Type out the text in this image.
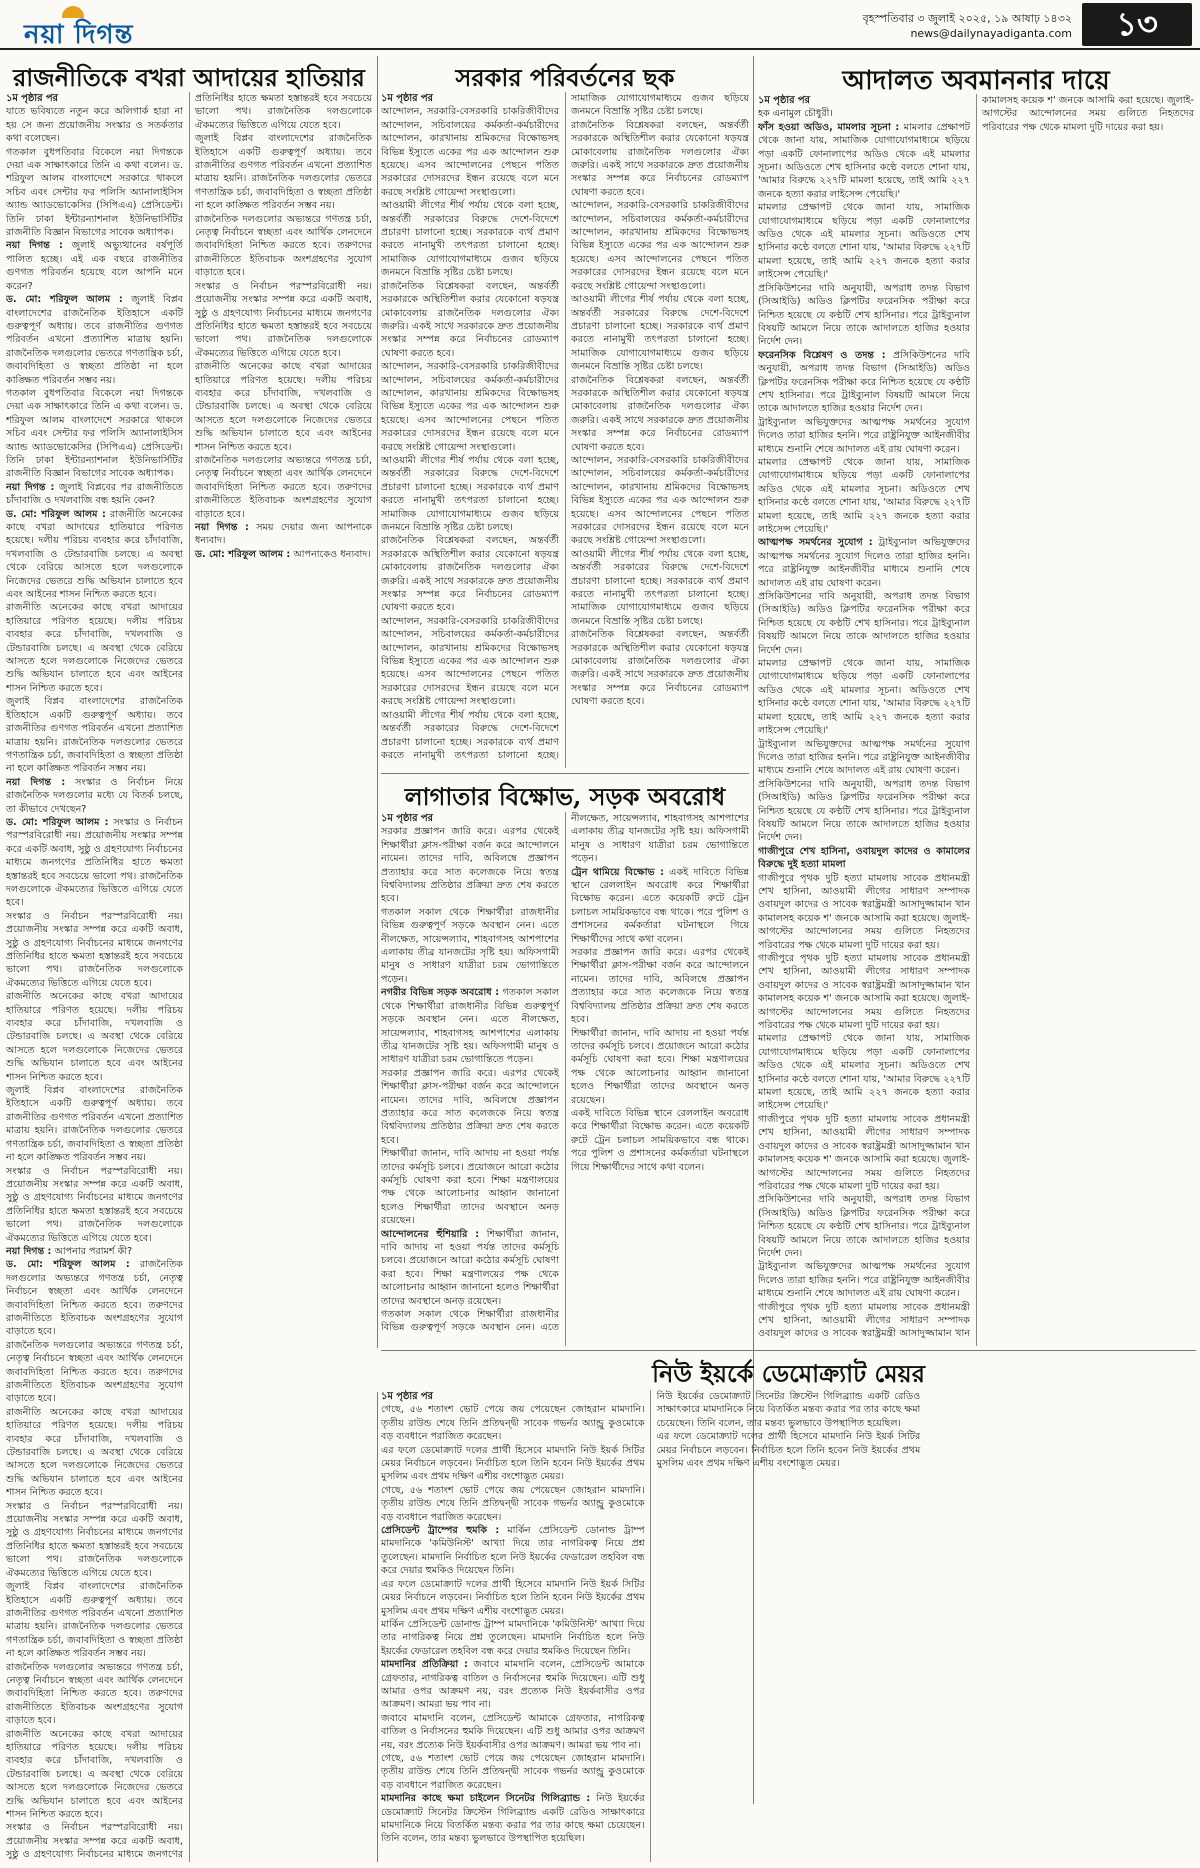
নয়া দিগন্ত
বৃহস্পতিবার ৩ জুলাই ২০২৫, ১৯ আষাঢ় ১৪৩২
news@dailynayadiganta.com	১৩
রাজনীতিকে বখরা আদায়ের হাতিয়ার

১ম পৃষ্ঠার পর

যাতে ভবিষ্যতে নতুন করে অলিগার্ক হারা না হয় সে জন্য প্রয়োজনীয় সংস্কার ও সতর্কতার কথা বলেছেন।

গতকাল বুধপতিবার বিকেলে নয়া দিগন্তকে দেয়া এক সাক্ষাৎকারে তিনি এ কথা বলেন। ড. শরিফুল আলম বাংলাদেশে সরকারে থাকলে সচিব এবং সেন্টার ফর পলিসি অ্যানালাইসিস অ্যান্ড অ্যাডভোকেসির (সিপিএএ) প্রেসিডেন্ট। তিনি ঢাকা ইন্টারন্যাশনাল ইউনিভার্সিটির রাজনীতি বিজ্ঞান বিভাগের সাবেক অধ্যাপক।

নয়া দিগন্ত : জুলাই অভ্যুত্থানের বর্ষপূর্তি পালিত হচ্ছে। এই এক বছরে রাজনীতির গুণগত পরিবর্তন হয়েছে বলে আপনি মনে করেন?

ড. মো: শরিফুল আলম : জুলাই বিপ্লব বাংলাদেশের রাজনৈতিক ইতিহাসে একটি গুরুত্বপূর্ণ অধ্যায়। তবে রাজনীতির গুণগত পরিবর্তন এখনো প্রত্যাশিত মাত্রায় হয়নি। রাজনৈতিক দলগুলোর ভেতরে গণতান্ত্রিক চর্চা, জবাবদিহিতা ও স্বচ্ছতা প্রতিষ্ঠা না হলে কাঙ্ক্ষিত পরিবর্তন সম্ভব নয়।

গতকাল বুধপতিবার বিকেলে নয়া দিগন্তকে দেয়া এক সাক্ষাৎকারে তিনি এ কথা বলেন। ড. শরিফুল আলম বাংলাদেশে সরকারে থাকলে সচিব এবং সেন্টার ফর পলিসি অ্যানালাইসিস অ্যান্ড অ্যাডভোকেসির (সিপিএএ) প্রেসিডেন্ট। তিনি ঢাকা ইন্টারন্যাশনাল ইউনিভার্সিটির রাজনীতি বিজ্ঞান বিভাগের সাবেক অধ্যাপক।

নয়া দিগন্ত : জুলাই বিপ্লবের পর রাজনীতিতে চাঁদাবাজি ও দখলবাজি বন্ধ হয়নি কেন?

ড. মো: শরিফুল আলম : রাজনীতি অনেকের কাছে বখরা আদায়ের হাতিয়ারে পরিণত হয়েছে। দলীয় পরিচয় ব্যবহার করে চাঁদাবাজি, দখলবাজি ও টেন্ডারবাজি চলছে। এ অবস্থা থেকে বেরিয়ে আসতে হলে দলগুলোকে নিজেদের ভেতরে শুদ্ধি অভিযান চালাতে হবে এবং আইনের শাসন নিশ্চিত করতে হবে।

রাজনীতি অনেকের কাছে বখরা আদায়ের হাতিয়ারে পরিণত হয়েছে। দলীয় পরিচয় ব্যবহার করে চাঁদাবাজি, দখলবাজি ও টেন্ডারবাজি চলছে। এ অবস্থা থেকে বেরিয়ে আসতে হলে দলগুলোকে নিজেদের ভেতরে শুদ্ধি অভিযান চালাতে হবে এবং আইনের শাসন নিশ্চিত করতে হবে।

জুলাই বিপ্লব বাংলাদেশের রাজনৈতিক ইতিহাসে একটি গুরুত্বপূর্ণ অধ্যায়। তবে রাজনীতির গুণগত পরিবর্তন এখনো প্রত্যাশিত মাত্রায় হয়নি। রাজনৈতিক দলগুলোর ভেতরে গণতান্ত্রিক চর্চা, জবাবদিহিতা ও স্বচ্ছতা প্রতিষ্ঠা না হলে কাঙ্ক্ষিত পরিবর্তন সম্ভব নয়।

নয়া দিগন্ত : সংস্কার ও নির্বাচন নিয়ে রাজনৈতিক দলগুলোর মধ্যে যে বিতর্ক চলছে, তা কীভাবে দেখছেন?

ড. মো: শরিফুল আলম : সংস্কার ও নির্বাচন পরস্পরবিরোধী নয়। প্রয়োজনীয় সংস্কার সম্পন্ন করে একটি অবাধ, সুষ্ঠু ও গ্রহণযোগ্য নির্বাচনের মাধ্যমে জনগণের প্রতিনিধির হাতে ক্ষমতা হস্তান্তরই হবে সবচেয়ে ভালো পথ। রাজনৈতিক দলগুলোকে ঐকমত্যের ভিত্তিতে এগিয়ে যেতে হবে।

সংস্কার ও নির্বাচন পরস্পরবিরোধী নয়। প্রয়োজনীয় সংস্কার সম্পন্ন করে একটি অবাধ, সুষ্ঠু ও গ্রহণযোগ্য নির্বাচনের মাধ্যমে জনগণের প্রতিনিধির হাতে ক্ষমতা হস্তান্তরই হবে সবচেয়ে ভালো পথ। রাজনৈতিক দলগুলোকে ঐকমত্যের ভিত্তিতে এগিয়ে যেতে হবে।

রাজনীতি অনেকের কাছে বখরা আদায়ের হাতিয়ারে পরিণত হয়েছে। দলীয় পরিচয় ব্যবহার করে চাঁদাবাজি, দখলবাজি ও টেন্ডারবাজি চলছে। এ অবস্থা থেকে বেরিয়ে আসতে হলে দলগুলোকে নিজেদের ভেতরে শুদ্ধি অভিযান চালাতে হবে এবং আইনের শাসন নিশ্চিত করতে হবে।

জুলাই বিপ্লব বাংলাদেশের রাজনৈতিক ইতিহাসে একটি গুরুত্বপূর্ণ অধ্যায়। তবে রাজনীতির গুণগত পরিবর্তন এখনো প্রত্যাশিত মাত্রায় হয়নি। রাজনৈতিক দলগুলোর ভেতরে গণতান্ত্রিক চর্চা, জবাবদিহিতা ও স্বচ্ছতা প্রতিষ্ঠা না হলে কাঙ্ক্ষিত পরিবর্তন সম্ভব নয়।

সংস্কার ও নির্বাচন পরস্পরবিরোধী নয়। প্রয়োজনীয় সংস্কার সম্পন্ন করে একটি অবাধ, সুষ্ঠু ও গ্রহণযোগ্য নির্বাচনের মাধ্যমে জনগণের প্রতিনিধির হাতে ক্ষমতা হস্তান্তরই হবে সবচেয়ে ভালো পথ। রাজনৈতিক দলগুলোকে ঐকমত্যের ভিত্তিতে এগিয়ে যেতে হবে।

নয়া দিগন্ত : আপনার পরামর্শ কী?

ড. মো: শরিফুল আলম : রাজনৈতিক দলগুলোর অভ্যন্তরে গণতন্ত্র চর্চা, নেতৃত্ব নির্বাচনে স্বচ্ছতা এবং আর্থিক লেনদেনে জবাবদিহিতা নিশ্চিত করতে হবে। তরুণদের রাজনীতিতে ইতিবাচক অংশগ্রহণের সুযোগ বাড়াতে হবে।

রাজনৈতিক দলগুলোর অভ্যন্তরে গণতন্ত্র চর্চা, নেতৃত্ব নির্বাচনে স্বচ্ছতা এবং আর্থিক লেনদেনে জবাবদিহিতা নিশ্চিত করতে হবে। তরুণদের রাজনীতিতে ইতিবাচক অংশগ্রহণের সুযোগ বাড়াতে হবে।

রাজনীতি অনেকের কাছে বখরা আদায়ের হাতিয়ারে পরিণত হয়েছে। দলীয় পরিচয় ব্যবহার করে চাঁদাবাজি, দখলবাজি ও টেন্ডারবাজি চলছে। এ অবস্থা থেকে বেরিয়ে আসতে হলে দলগুলোকে নিজেদের ভেতরে শুদ্ধি অভিযান চালাতে হবে এবং আইনের শাসন নিশ্চিত করতে হবে।

সংস্কার ও নির্বাচন পরস্পরবিরোধী নয়। প্রয়োজনীয় সংস্কার সম্পন্ন করে একটি অবাধ, সুষ্ঠু ও গ্রহণযোগ্য নির্বাচনের মাধ্যমে জনগণের প্রতিনিধির হাতে ক্ষমতা হস্তান্তরই হবে সবচেয়ে ভালো পথ। রাজনৈতিক দলগুলোকে ঐকমত্যের ভিত্তিতে এগিয়ে যেতে হবে।

জুলাই বিপ্লব বাংলাদেশের রাজনৈতিক ইতিহাসে একটি গুরুত্বপূর্ণ অধ্যায়। তবে রাজনীতির গুণগত পরিবর্তন এখনো প্রত্যাশিত মাত্রায় হয়নি। রাজনৈতিক দলগুলোর ভেতরে গণতান্ত্রিক চর্চা, জবাবদিহিতা ও স্বচ্ছতা প্রতিষ্ঠা না হলে কাঙ্ক্ষিত পরিবর্তন সম্ভব নয়।

রাজনৈতিক দলগুলোর অভ্যন্তরে গণতন্ত্র চর্চা, নেতৃত্ব নির্বাচনে স্বচ্ছতা এবং আর্থিক লেনদেনে জবাবদিহিতা নিশ্চিত করতে হবে। তরুণদের রাজনীতিতে ইতিবাচক অংশগ্রহণের সুযোগ বাড়াতে হবে।

রাজনীতি অনেকের কাছে বখরা আদায়ের হাতিয়ারে পরিণত হয়েছে। দলীয় পরিচয় ব্যবহার করে চাঁদাবাজি, দখলবাজি ও টেন্ডারবাজি চলছে। এ অবস্থা থেকে বেরিয়ে আসতে হলে দলগুলোকে নিজেদের ভেতরে শুদ্ধি অভিযান চালাতে হবে এবং আইনের শাসন নিশ্চিত করতে হবে।

সংস্কার ও নির্বাচন পরস্পরবিরোধী নয়। প্রয়োজনীয় সংস্কার সম্পন্ন করে একটি অবাধ, সুষ্ঠু ও গ্রহণযোগ্য নির্বাচনের মাধ্যমে জনগণের প্রতিনিধির হাতে ক্ষমতা হস্তান্তরই হবে সবচেয়ে ভালো পথ। রাজনৈতিক দলগুলোকে ঐকমত্যের ভিত্তিতে এগিয়ে যেতে হবে।

জুলাই বিপ্লব বাংলাদেশের রাজনৈতিক ইতিহাসে একটি গুরুত্বপূর্ণ অধ্যায়। তবে রাজনীতির গুণগত পরিবর্তন এখনো প্রত্যাশিত মাত্রায় হয়নি। রাজনৈতিক দলগুলোর ভেতরে গণতান্ত্রিক চর্চা, জবাবদিহিতা ও স্বচ্ছতা প্রতিষ্ঠা না হলে কাঙ্ক্ষিত পরিবর্তন সম্ভব নয়।

রাজনৈতিক দলগুলোর অভ্যন্তরে গণতন্ত্র চর্চা, নেতৃত্ব নির্বাচনে স্বচ্ছতা এবং আর্থিক লেনদেনে জবাবদিহিতা নিশ্চিত করতে হবে। তরুণদের রাজনীতিতে ইতিবাচক অংশগ্রহণের সুযোগ বাড়াতে হবে।

সংস্কার ও নির্বাচন পরস্পরবিরোধী নয়। প্রয়োজনীয় সংস্কার সম্পন্ন করে একটি অবাধ, সুষ্ঠু ও গ্রহণযোগ্য নির্বাচনের মাধ্যমে জনগণের প্রতিনিধির হাতে ক্ষমতা হস্তান্তরই হবে সবচেয়ে ভালো পথ। রাজনৈতিক দলগুলোকে ঐকমত্যের ভিত্তিতে এগিয়ে যেতে হবে।

রাজনীতি অনেকের কাছে বখরা আদায়ের হাতিয়ারে পরিণত হয়েছে। দলীয় পরিচয় ব্যবহার করে চাঁদাবাজি, দখলবাজি ও টেন্ডারবাজি চলছে। এ অবস্থা থেকে বেরিয়ে আসতে হলে দলগুলোকে নিজেদের ভেতরে শুদ্ধি অভিযান চালাতে হবে এবং আইনের শাসন নিশ্চিত করতে হবে।

রাজনৈতিক দলগুলোর অভ্যন্তরে গণতন্ত্র চর্চা, নেতৃত্ব নির্বাচনে স্বচ্ছতা এবং আর্থিক লেনদেনে জবাবদিহিতা নিশ্চিত করতে হবে। তরুণদের রাজনীতিতে ইতিবাচক অংশগ্রহণের সুযোগ বাড়াতে হবে।

নয়া দিগন্ত : সময় দেয়ার জন্য আপনাকে ধন্যবাদ।

ড. মো: শরিফুল আলম : আপনাকেও ধন্যবাদ।

সরকার পরিবর্তনের ছক

১ম পৃষ্ঠার পর

আন্দোলন, সরকারি-বেসরকারি চাকরিজীবীদের আন্দোলন, সচিবালয়ের কর্মকর্তা-কর্মচারীদের আন্দোলন, কারখানায় শ্রমিকদের বিক্ষোভসহ বিভিন্ন ইস্যুতে একের পর এক আন্দোলন শুরু হয়েছে। এসব আন্দোলনের পেছনে পতিত সরকারের দোসরদের ইন্ধন রয়েছে বলে মনে করছে সংশ্লিষ্ট গোয়েন্দা সংস্থাগুলো।

আওয়ামী লীগের শীর্ষ পর্যায় থেকে বলা হচ্ছে, অন্তর্বর্তী সরকারের বিরুদ্ধে দেশে-বিদেশে প্রচারণা চালানো হচ্ছে। সরকারকে ব্যর্থ প্রমাণ করতে নানামুখী তৎপরতা চালানো হচ্ছে। সামাজিক যোগাযোগমাধ্যমে গুজব ছড়িয়ে জনমনে বিভ্রান্তি সৃষ্টির চেষ্টা চলছে।

রাজনৈতিক বিশ্লেষকরা বলছেন, অন্তর্বর্তী সরকারকে অস্থিতিশীল করার যেকোনো ষড়যন্ত্র মোকাবেলায় রাজনৈতিক দলগুলোর ঐক্য জরুরি। একই সাথে সরকারকে দ্রুত প্রয়োজনীয় সংস্কার সম্পন্ন করে নির্বাচনের রোডম্যাপ ঘোষণা করতে হবে।

আন্দোলন, সরকারি-বেসরকারি চাকরিজীবীদের আন্দোলন, সচিবালয়ের কর্মকর্তা-কর্মচারীদের আন্দোলন, কারখানায় শ্রমিকদের বিক্ষোভসহ বিভিন্ন ইস্যুতে একের পর এক আন্দোলন শুরু হয়েছে। এসব আন্দোলনের পেছনে পতিত সরকারের দোসরদের ইন্ধন রয়েছে বলে মনে করছে সংশ্লিষ্ট গোয়েন্দা সংস্থাগুলো।

আওয়ামী লীগের শীর্ষ পর্যায় থেকে বলা হচ্ছে, অন্তর্বর্তী সরকারের বিরুদ্ধে দেশে-বিদেশে প্রচারণা চালানো হচ্ছে। সরকারকে ব্যর্থ প্রমাণ করতে নানামুখী তৎপরতা চালানো হচ্ছে। সামাজিক যোগাযোগমাধ্যমে গুজব ছড়িয়ে জনমনে বিভ্রান্তি সৃষ্টির চেষ্টা চলছে।

রাজনৈতিক বিশ্লেষকরা বলছেন, অন্তর্বর্তী সরকারকে অস্থিতিশীল করার যেকোনো ষড়যন্ত্র মোকাবেলায় রাজনৈতিক দলগুলোর ঐক্য জরুরি। একই সাথে সরকারকে দ্রুত প্রয়োজনীয় সংস্কার সম্পন্ন করে নির্বাচনের রোডম্যাপ ঘোষণা করতে হবে।

আন্দোলন, সরকারি-বেসরকারি চাকরিজীবীদের আন্দোলন, সচিবালয়ের কর্মকর্তা-কর্মচারীদের আন্দোলন, কারখানায় শ্রমিকদের বিক্ষোভসহ বিভিন্ন ইস্যুতে একের পর এক আন্দোলন শুরু হয়েছে। এসব আন্দোলনের পেছনে পতিত সরকারের দোসরদের ইন্ধন রয়েছে বলে মনে করছে সংশ্লিষ্ট গোয়েন্দা সংস্থাগুলো।

আওয়ামী লীগের শীর্ষ পর্যায় থেকে বলা হচ্ছে, অন্তর্বর্তী সরকারের বিরুদ্ধে দেশে-বিদেশে প্রচারণা চালানো হচ্ছে। সরকারকে ব্যর্থ প্রমাণ করতে নানামুখী তৎপরতা চালানো হচ্ছে। সামাজিক যোগাযোগমাধ্যমে গুজব ছড়িয়ে জনমনে বিভ্রান্তি সৃষ্টির চেষ্টা চলছে।

রাজনৈতিক বিশ্লেষকরা বলছেন, অন্তর্বর্তী সরকারকে অস্থিতিশীল করার যেকোনো ষড়যন্ত্র মোকাবেলায় রাজনৈতিক দলগুলোর ঐক্য জরুরি। একই সাথে সরকারকে দ্রুত প্রয়োজনীয় সংস্কার সম্পন্ন করে নির্বাচনের রোডম্যাপ ঘোষণা করতে হবে।

আন্দোলন, সরকারি-বেসরকারি চাকরিজীবীদের আন্দোলন, সচিবালয়ের কর্মকর্তা-কর্মচারীদের আন্দোলন, কারখানায় শ্রমিকদের বিক্ষোভসহ বিভিন্ন ইস্যুতে একের পর এক আন্দোলন শুরু হয়েছে। এসব আন্দোলনের পেছনে পতিত সরকারের দোসরদের ইন্ধন রয়েছে বলে মনে করছে সংশ্লিষ্ট গোয়েন্দা সংস্থাগুলো।

আওয়ামী লীগের শীর্ষ পর্যায় থেকে বলা হচ্ছে, অন্তর্বর্তী সরকারের বিরুদ্ধে দেশে-বিদেশে প্রচারণা চালানো হচ্ছে। সরকারকে ব্যর্থ প্রমাণ করতে নানামুখী তৎপরতা চালানো হচ্ছে। সামাজিক যোগাযোগমাধ্যমে গুজব ছড়িয়ে জনমনে বিভ্রান্তি সৃষ্টির চেষ্টা চলছে।

রাজনৈতিক বিশ্লেষকরা বলছেন, অন্তর্বর্তী সরকারকে অস্থিতিশীল করার যেকোনো ষড়যন্ত্র মোকাবেলায় রাজনৈতিক দলগুলোর ঐক্য জরুরি। একই সাথে সরকারকে দ্রুত প্রয়োজনীয় সংস্কার সম্পন্ন করে নির্বাচনের রোডম্যাপ ঘোষণা করতে হবে।

আন্দোলন, সরকারি-বেসরকারি চাকরিজীবীদের আন্দোলন, সচিবালয়ের কর্মকর্তা-কর্মচারীদের আন্দোলন, কারখানায় শ্রমিকদের বিক্ষোভসহ বিভিন্ন ইস্যুতে একের পর এক আন্দোলন শুরু হয়েছে। এসব আন্দোলনের পেছনে পতিত সরকারের দোসরদের ইন্ধন রয়েছে বলে মনে করছে সংশ্লিষ্ট গোয়েন্দা সংস্থাগুলো।

আওয়ামী লীগের শীর্ষ পর্যায় থেকে বলা হচ্ছে, অন্তর্বর্তী সরকারের বিরুদ্ধে দেশে-বিদেশে প্রচারণা চালানো হচ্ছে। সরকারকে ব্যর্থ প্রমাণ করতে নানামুখী তৎপরতা চালানো হচ্ছে। সামাজিক যোগাযোগমাধ্যমে গুজব ছড়িয়ে জনমনে বিভ্রান্তি সৃষ্টির চেষ্টা চলছে।

রাজনৈতিক বিশ্লেষকরা বলছেন, অন্তর্বর্তী সরকারকে অস্থিতিশীল করার যেকোনো ষড়যন্ত্র মোকাবেলায় রাজনৈতিক দলগুলোর ঐক্য জরুরি। একই সাথে সরকারকে দ্রুত প্রয়োজনীয় সংস্কার সম্পন্ন করে নির্বাচনের রোডম্যাপ ঘোষণা করতে হবে।

লাগাতার বিক্ষোভ, সড়ক অবরোধ

১ম পৃষ্ঠার পর

সরকার প্রজ্ঞাপন জারি করে। এরপর থেকেই শিক্ষার্থীরা ক্লাস-পরীক্ষা বর্জন করে আন্দোলনে নামেন। তাদের দাবি, অবিলম্বে প্রজ্ঞাপন প্রত্যাহার করে সাত কলেজকে নিয়ে স্বতন্ত্র বিশ্ববিদ্যালয় প্রতিষ্ঠার প্রক্রিয়া দ্রুত শেষ করতে হবে।

গতকাল সকাল থেকে শিক্ষার্থীরা রাজধানীর বিভিন্ন গুরুত্বপূর্ণ সড়কে অবস্থান নেন। এতে নীলক্ষেত, সায়েন্সল্যাব, শাহবাগসহ আশপাশের এলাকায় তীব্র যানজটের সৃষ্টি হয়। অফিসগামী মানুষ ও সাধারণ যাত্রীরা চরম ভোগান্তিতে পড়েন।

নগরীর বিভিন্ন সড়ক অবরোধ : গতকাল সকাল থেকে শিক্ষার্থীরা রাজধানীর বিভিন্ন গুরুত্বপূর্ণ সড়কে অবস্থান নেন। এতে নীলক্ষেত, সায়েন্সল্যাব, শাহবাগসহ আশপাশের এলাকায় তীব্র যানজটের সৃষ্টি হয়। অফিসগামী মানুষ ও সাধারণ যাত্রীরা চরম ভোগান্তিতে পড়েন।

সরকার প্রজ্ঞাপন জারি করে। এরপর থেকেই শিক্ষার্থীরা ক্লাস-পরীক্ষা বর্জন করে আন্দোলনে নামেন। তাদের দাবি, অবিলম্বে প্রজ্ঞাপন প্রত্যাহার করে সাত কলেজকে নিয়ে স্বতন্ত্র বিশ্ববিদ্যালয় প্রতিষ্ঠার প্রক্রিয়া দ্রুত শেষ করতে হবে।

শিক্ষার্থীরা জানান, দাবি আদায় না হওয়া পর্যন্ত তাদের কর্মসূচি চলবে। প্রয়োজনে আরো কঠোর কর্মসূচি ঘোষণা করা হবে। শিক্ষা মন্ত্রণালয়ের পক্ষ থেকে আলোচনার আহ্বান জানানো হলেও শিক্ষার্থীরা তাদের অবস্থানে অনড় রয়েছেন।

আন্দোলনের হুঁশিয়ারি : শিক্ষার্থীরা জানান, দাবি আদায় না হওয়া পর্যন্ত তাদের কর্মসূচি চলবে। প্রয়োজনে আরো কঠোর কর্মসূচি ঘোষণা করা হবে। শিক্ষা মন্ত্রণালয়ের পক্ষ থেকে আলোচনার আহ্বান জানানো হলেও শিক্ষার্থীরা তাদের অবস্থানে অনড় রয়েছেন।

গতকাল সকাল থেকে শিক্ষার্থীরা রাজধানীর বিভিন্ন গুরুত্বপূর্ণ সড়কে অবস্থান নেন। এতে নীলক্ষেত, সায়েন্সল্যাব, শাহবাগসহ আশপাশের এলাকায় তীব্র যানজটের সৃষ্টি হয়। অফিসগামী মানুষ ও সাধারণ যাত্রীরা চরম ভোগান্তিতে পড়েন।

ট্রেন থামিয়ে বিক্ষোভ : একই দাবিতে বিভিন্ন স্থানে রেললাইন অবরোধ করে শিক্ষার্থীরা বিক্ষোভ করেন। এতে কয়েকটি রুটে ট্রেন চলাচল সাময়িকভাবে বন্ধ থাকে। পরে পুলিশ ও প্রশাসনের কর্মকর্তারা ঘটনাস্থলে গিয়ে শিক্ষার্থীদের সাথে কথা বলেন।

সরকার প্রজ্ঞাপন জারি করে। এরপর থেকেই শিক্ষার্থীরা ক্লাস-পরীক্ষা বর্জন করে আন্দোলনে নামেন। তাদের দাবি, অবিলম্বে প্রজ্ঞাপন প্রত্যাহার করে সাত কলেজকে নিয়ে স্বতন্ত্র বিশ্ববিদ্যালয় প্রতিষ্ঠার প্রক্রিয়া দ্রুত শেষ করতে হবে।

শিক্ষার্থীরা জানান, দাবি আদায় না হওয়া পর্যন্ত তাদের কর্মসূচি চলবে। প্রয়োজনে আরো কঠোর কর্মসূচি ঘোষণা করা হবে। শিক্ষা মন্ত্রণালয়ের পক্ষ থেকে আলোচনার আহ্বান জানানো হলেও শিক্ষার্থীরা তাদের অবস্থানে অনড় রয়েছেন।

একই দাবিতে বিভিন্ন স্থানে রেললাইন অবরোধ করে শিক্ষার্থীরা বিক্ষোভ করেন। এতে কয়েকটি রুটে ট্রেন চলাচল সাময়িকভাবে বন্ধ থাকে। পরে পুলিশ ও প্রশাসনের কর্মকর্তারা ঘটনাস্থলে গিয়ে শিক্ষার্থীদের সাথে কথা বলেন।

আদালত অবমাননার দায়ে

১ম পৃষ্ঠার পর

হক এনামুল চৌধুরী।

ফাঁস হওয়া অডিও, মামলার সূচনা : মামলার প্রেক্ষাপট থেকে জানা যায়, সামাজিক যোগাযোগমাধ্যমে ছড়িয়ে পড়া একটি ফোনালাপের অডিও থেকে এই মামলার সূচনা। অডিওতে শেখ হাসিনার কণ্ঠে বলতে শোনা যায়, 'আমার বিরুদ্ধে ২২৭টি মামলা হয়েছে, তাই আমি ২২৭ জনকে হত্যা করার লাইসেন্স পেয়েছি।'

মামলার প্রেক্ষাপট থেকে জানা যায়, সামাজিক যোগাযোগমাধ্যমে ছড়িয়ে পড়া একটি ফোনালাপের অডিও থেকে এই মামলার সূচনা। অডিওতে শেখ হাসিনার কণ্ঠে বলতে শোনা যায়, 'আমার বিরুদ্ধে ২২৭টি মামলা হয়েছে, তাই আমি ২২৭ জনকে হত্যা করার লাইসেন্স পেয়েছি।'

প্রসিকিউশনের দাবি অনুযায়ী, অপরাধ তদন্ত বিভাগ (সিআইডি) অডিও ক্লিপটির ফরেনসিক পরীক্ষা করে নিশ্চিত হয়েছে যে কণ্ঠটি শেখ হাসিনার। পরে ট্রাইব্যুনাল বিষয়টি আমলে নিয়ে তাকে আদালতে হাজির হওয়ার নির্দেশ দেন।

ফরেনসিক বিশ্লেষণ ও তদন্ত : প্রসিকিউশনের দাবি অনুযায়ী, অপরাধ তদন্ত বিভাগ (সিআইডি) অডিও ক্লিপটির ফরেনসিক পরীক্ষা করে নিশ্চিত হয়েছে যে কণ্ঠটি শেখ হাসিনার। পরে ট্রাইব্যুনাল বিষয়টি আমলে নিয়ে তাকে আদালতে হাজির হওয়ার নির্দেশ দেন।

ট্রাইব্যুনাল অভিযুক্তদের আত্মপক্ষ সমর্থনের সুযোগ দিলেও তারা হাজির হননি। পরে রাষ্ট্রনিযুক্ত আইনজীবীর মাধ্যমে শুনানি শেষে আদালত এই রায় ঘোষণা করেন।

মামলার প্রেক্ষাপট থেকে জানা যায়, সামাজিক যোগাযোগমাধ্যমে ছড়িয়ে পড়া একটি ফোনালাপের অডিও থেকে এই মামলার সূচনা। অডিওতে শেখ হাসিনার কণ্ঠে বলতে শোনা যায়, 'আমার বিরুদ্ধে ২২৭টি মামলা হয়েছে, তাই আমি ২২৭ জনকে হত্যা করার লাইসেন্স পেয়েছি।'

আত্মপক্ষ সমর্থনের সুযোগ : ট্রাইব্যুনাল অভিযুক্তদের আত্মপক্ষ সমর্থনের সুযোগ দিলেও তারা হাজির হননি। পরে রাষ্ট্রনিযুক্ত আইনজীবীর মাধ্যমে শুনানি শেষে আদালত এই রায় ঘোষণা করেন।

প্রসিকিউশনের দাবি অনুযায়ী, অপরাধ তদন্ত বিভাগ (সিআইডি) অডিও ক্লিপটির ফরেনসিক পরীক্ষা করে নিশ্চিত হয়েছে যে কণ্ঠটি শেখ হাসিনার। পরে ট্রাইব্যুনাল বিষয়টি আমলে নিয়ে তাকে আদালতে হাজির হওয়ার নির্দেশ দেন।

মামলার প্রেক্ষাপট থেকে জানা যায়, সামাজিক যোগাযোগমাধ্যমে ছড়িয়ে পড়া একটি ফোনালাপের অডিও থেকে এই মামলার সূচনা। অডিওতে শেখ হাসিনার কণ্ঠে বলতে শোনা যায়, 'আমার বিরুদ্ধে ২২৭টি মামলা হয়েছে, তাই আমি ২২৭ জনকে হত্যা করার লাইসেন্স পেয়েছি।'

ট্রাইব্যুনাল অভিযুক্তদের আত্মপক্ষ সমর্থনের সুযোগ দিলেও তারা হাজির হননি। পরে রাষ্ট্রনিযুক্ত আইনজীবীর মাধ্যমে শুনানি শেষে আদালত এই রায় ঘোষণা করেন।

প্রসিকিউশনের দাবি অনুযায়ী, অপরাধ তদন্ত বিভাগ (সিআইডি) অডিও ক্লিপটির ফরেনসিক পরীক্ষা করে নিশ্চিত হয়েছে যে কণ্ঠটি শেখ হাসিনার। পরে ট্রাইব্যুনাল বিষয়টি আমলে নিয়ে তাকে আদালতে হাজির হওয়ার নির্দেশ দেন।

গাজীপুরে শেখ হাসিনা, ওবায়দুল কাদের ও কামালের বিরুদ্ধে দুই হত্যা মামলা

গাজীপুরে পৃথক দুটি হত্যা মামলায় সাবেক প্রধানমন্ত্রী শেখ হাসিনা, আওয়ামী লীগের সাধারণ সম্পাদক ওবায়দুল কাদের ও সাবেক স্বরাষ্ট্রমন্ত্রী আসাদুজ্জামান খান কামালসহ কয়েক শ' জনকে আসামি করা হয়েছে। জুলাই-আগস্টের আন্দোলনের সময় গুলিতে নিহতদের পরিবারের পক্ষ থেকে মামলা দুটি দায়ের করা হয়।

গাজীপুরে পৃথক দুটি হত্যা মামলায় সাবেক প্রধানমন্ত্রী শেখ হাসিনা, আওয়ামী লীগের সাধারণ সম্পাদক ওবায়দুল কাদের ও সাবেক স্বরাষ্ট্রমন্ত্রী আসাদুজ্জামান খান কামালসহ কয়েক শ' জনকে আসামি করা হয়েছে। জুলাই-আগস্টের আন্দোলনের সময় গুলিতে নিহতদের পরিবারের পক্ষ থেকে মামলা দুটি দায়ের করা হয়।

মামলার প্রেক্ষাপট থেকে জানা যায়, সামাজিক যোগাযোগমাধ্যমে ছড়িয়ে পড়া একটি ফোনালাপের অডিও থেকে এই মামলার সূচনা। অডিওতে শেখ হাসিনার কণ্ঠে বলতে শোনা যায়, 'আমার বিরুদ্ধে ২২৭টি মামলা হয়েছে, তাই আমি ২২৭ জনকে হত্যা করার লাইসেন্স পেয়েছি।'

গাজীপুরে পৃথক দুটি হত্যা মামলায় সাবেক প্রধানমন্ত্রী শেখ হাসিনা, আওয়ামী লীগের সাধারণ সম্পাদক ওবায়দুল কাদের ও সাবেক স্বরাষ্ট্রমন্ত্রী আসাদুজ্জামান খান কামালসহ কয়েক শ' জনকে আসামি করা হয়েছে। জুলাই-আগস্টের আন্দোলনের সময় গুলিতে নিহতদের পরিবারের পক্ষ থেকে মামলা দুটি দায়ের করা হয়।

প্রসিকিউশনের দাবি অনুযায়ী, অপরাধ তদন্ত বিভাগ (সিআইডি) অডিও ক্লিপটির ফরেনসিক পরীক্ষা করে নিশ্চিত হয়েছে যে কণ্ঠটি শেখ হাসিনার। পরে ট্রাইব্যুনাল বিষয়টি আমলে নিয়ে তাকে আদালতে হাজির হওয়ার নির্দেশ দেন।

ট্রাইব্যুনাল অভিযুক্তদের আত্মপক্ষ সমর্থনের সুযোগ দিলেও তারা হাজির হননি। পরে রাষ্ট্রনিযুক্ত আইনজীবীর মাধ্যমে শুনানি শেষে আদালত এই রায় ঘোষণা করেন।

গাজীপুরে পৃথক দুটি হত্যা মামলায় সাবেক প্রধানমন্ত্রী শেখ হাসিনা, আওয়ামী লীগের সাধারণ সম্পাদক ওবায়দুল কাদের ও সাবেক স্বরাষ্ট্রমন্ত্রী আসাদুজ্জামান খান কামালসহ কয়েক শ' জনকে আসামি করা হয়েছে। জুলাই-আগস্টের আন্দোলনের সময় গুলিতে নিহতদের পরিবারের পক্ষ থেকে মামলা দুটি দায়ের করা হয়।

নিউ ইয়র্কে ডেমোক্র্যাট মেয়র

১ম পৃষ্ঠার পর

গেছে, ৫৬ শতাংশ ভোট পেয়ে জয় পেয়েছেন জোহরান মামদানি। তৃতীয় রাউন্ড শেষে তিনি প্রতিদ্বন্দ্বী সাবেক গভর্নর অ্যান্ড্রু কুওমোকে বড় ব্যবধানে পরাজিত করেছেন।

এর ফলে ডেমোক্র্যাট দলের প্রার্থী হিসেবে মামদানি নিউ ইয়র্ক সিটির মেয়র নির্বাচনে লড়বেন। নির্বাচিত হলে তিনি হবেন নিউ ইয়র্কের প্রথম মুসলিম এবং প্রথম দক্ষিণ এশীয় বংশোদ্ভূত মেয়র।

গেছে, ৫৬ শতাংশ ভোট পেয়ে জয় পেয়েছেন জোহরান মামদানি। তৃতীয় রাউন্ড শেষে তিনি প্রতিদ্বন্দ্বী সাবেক গভর্নর অ্যান্ড্রু কুওমোকে বড় ব্যবধানে পরাজিত করেছেন।

প্রেসিডেন্ট ট্রাম্পের হুমকি : মার্কিন প্রেসিডেন্ট ডোনাল্ড ট্রাম্প মামদানিকে 'কমিউনিস্ট' আখ্যা দিয়ে তার নাগরিকত্ব নিয়ে প্রশ্ন তুলেছেন। মামদানি নির্বাচিত হলে নিউ ইয়র্কের ফেডারেল তহবিল বন্ধ করে দেয়ার হুমকিও দিয়েছেন তিনি।

এর ফলে ডেমোক্র্যাট দলের প্রার্থী হিসেবে মামদানি নিউ ইয়র্ক সিটির মেয়র নির্বাচনে লড়বেন। নির্বাচিত হলে তিনি হবেন নিউ ইয়র্কের প্রথম মুসলিম এবং প্রথম দক্ষিণ এশীয় বংশোদ্ভূত মেয়র।

মার্কিন প্রেসিডেন্ট ডোনাল্ড ট্রাম্প মামদানিকে 'কমিউনিস্ট' আখ্যা দিয়ে তার নাগরিকত্ব নিয়ে প্রশ্ন তুলেছেন। মামদানি নির্বাচিত হলে নিউ ইয়র্কের ফেডারেল তহবিল বন্ধ করে দেয়ার হুমকিও দিয়েছেন তিনি।

মামদানির প্রতিক্রিয়া : জবাবে মামদানি বলেন, প্রেসিডেন্ট আমাকে গ্রেফতার, নাগরিকত্ব বাতিল ও নির্বাসনের হুমকি দিয়েছেন। এটি শুধু আমার ওপর আক্রমণ নয়, বরং প্রত্যেক নিউ ইয়র্কবাসীর ওপর আক্রমণ। আমরা ভয় পাব না।

জবাবে মামদানি বলেন, প্রেসিডেন্ট আমাকে গ্রেফতার, নাগরিকত্ব বাতিল ও নির্বাসনের হুমকি দিয়েছেন। এটি শুধু আমার ওপর আক্রমণ নয়, বরং প্রত্যেক নিউ ইয়র্কবাসীর ওপর আক্রমণ। আমরা ভয় পাব না।

গেছে, ৫৬ শতাংশ ভোট পেয়ে জয় পেয়েছেন জোহরান মামদানি। তৃতীয় রাউন্ড শেষে তিনি প্রতিদ্বন্দ্বী সাবেক গভর্নর অ্যান্ড্রু কুওমোকে বড় ব্যবধানে পরাজিত করেছেন।

মামদানির কাছে ক্ষমা চাইলেন সিনেটর গিলিব্র্যান্ড : নিউ ইয়র্কের ডেমোক্র্যাট সিনেটর ক্রিস্টেন গিলিব্র্যান্ড একটি রেডিও সাক্ষাৎকারে মামদানিকে নিয়ে বিতর্কিত মন্তব্য করার পর তার কাছে ক্ষমা চেয়েছেন। তিনি বলেন, তার মন্তব্য ভুলভাবে উপস্থাপিত হয়েছিল।

নিউ ইয়র্কের ডেমোক্র্যাট সিনেটর ক্রিস্টেন গিলিব্র্যান্ড একটি রেডিও সাক্ষাৎকারে মামদানিকে নিয়ে বিতর্কিত মন্তব্য করার পর তার কাছে ক্ষমা চেয়েছেন। তিনি বলেন, তার মন্তব্য ভুলভাবে উপস্থাপিত হয়েছিল।

এর ফলে ডেমোক্র্যাট দলের প্রার্থী হিসেবে মামদানি নিউ ইয়র্ক সিটির মেয়র নির্বাচনে লড়বেন। নির্বাচিত হলে তিনি হবেন নিউ ইয়র্কের প্রথম মুসলিম এবং প্রথম দক্ষিণ এশীয় বংশোদ্ভূত মেয়র।
